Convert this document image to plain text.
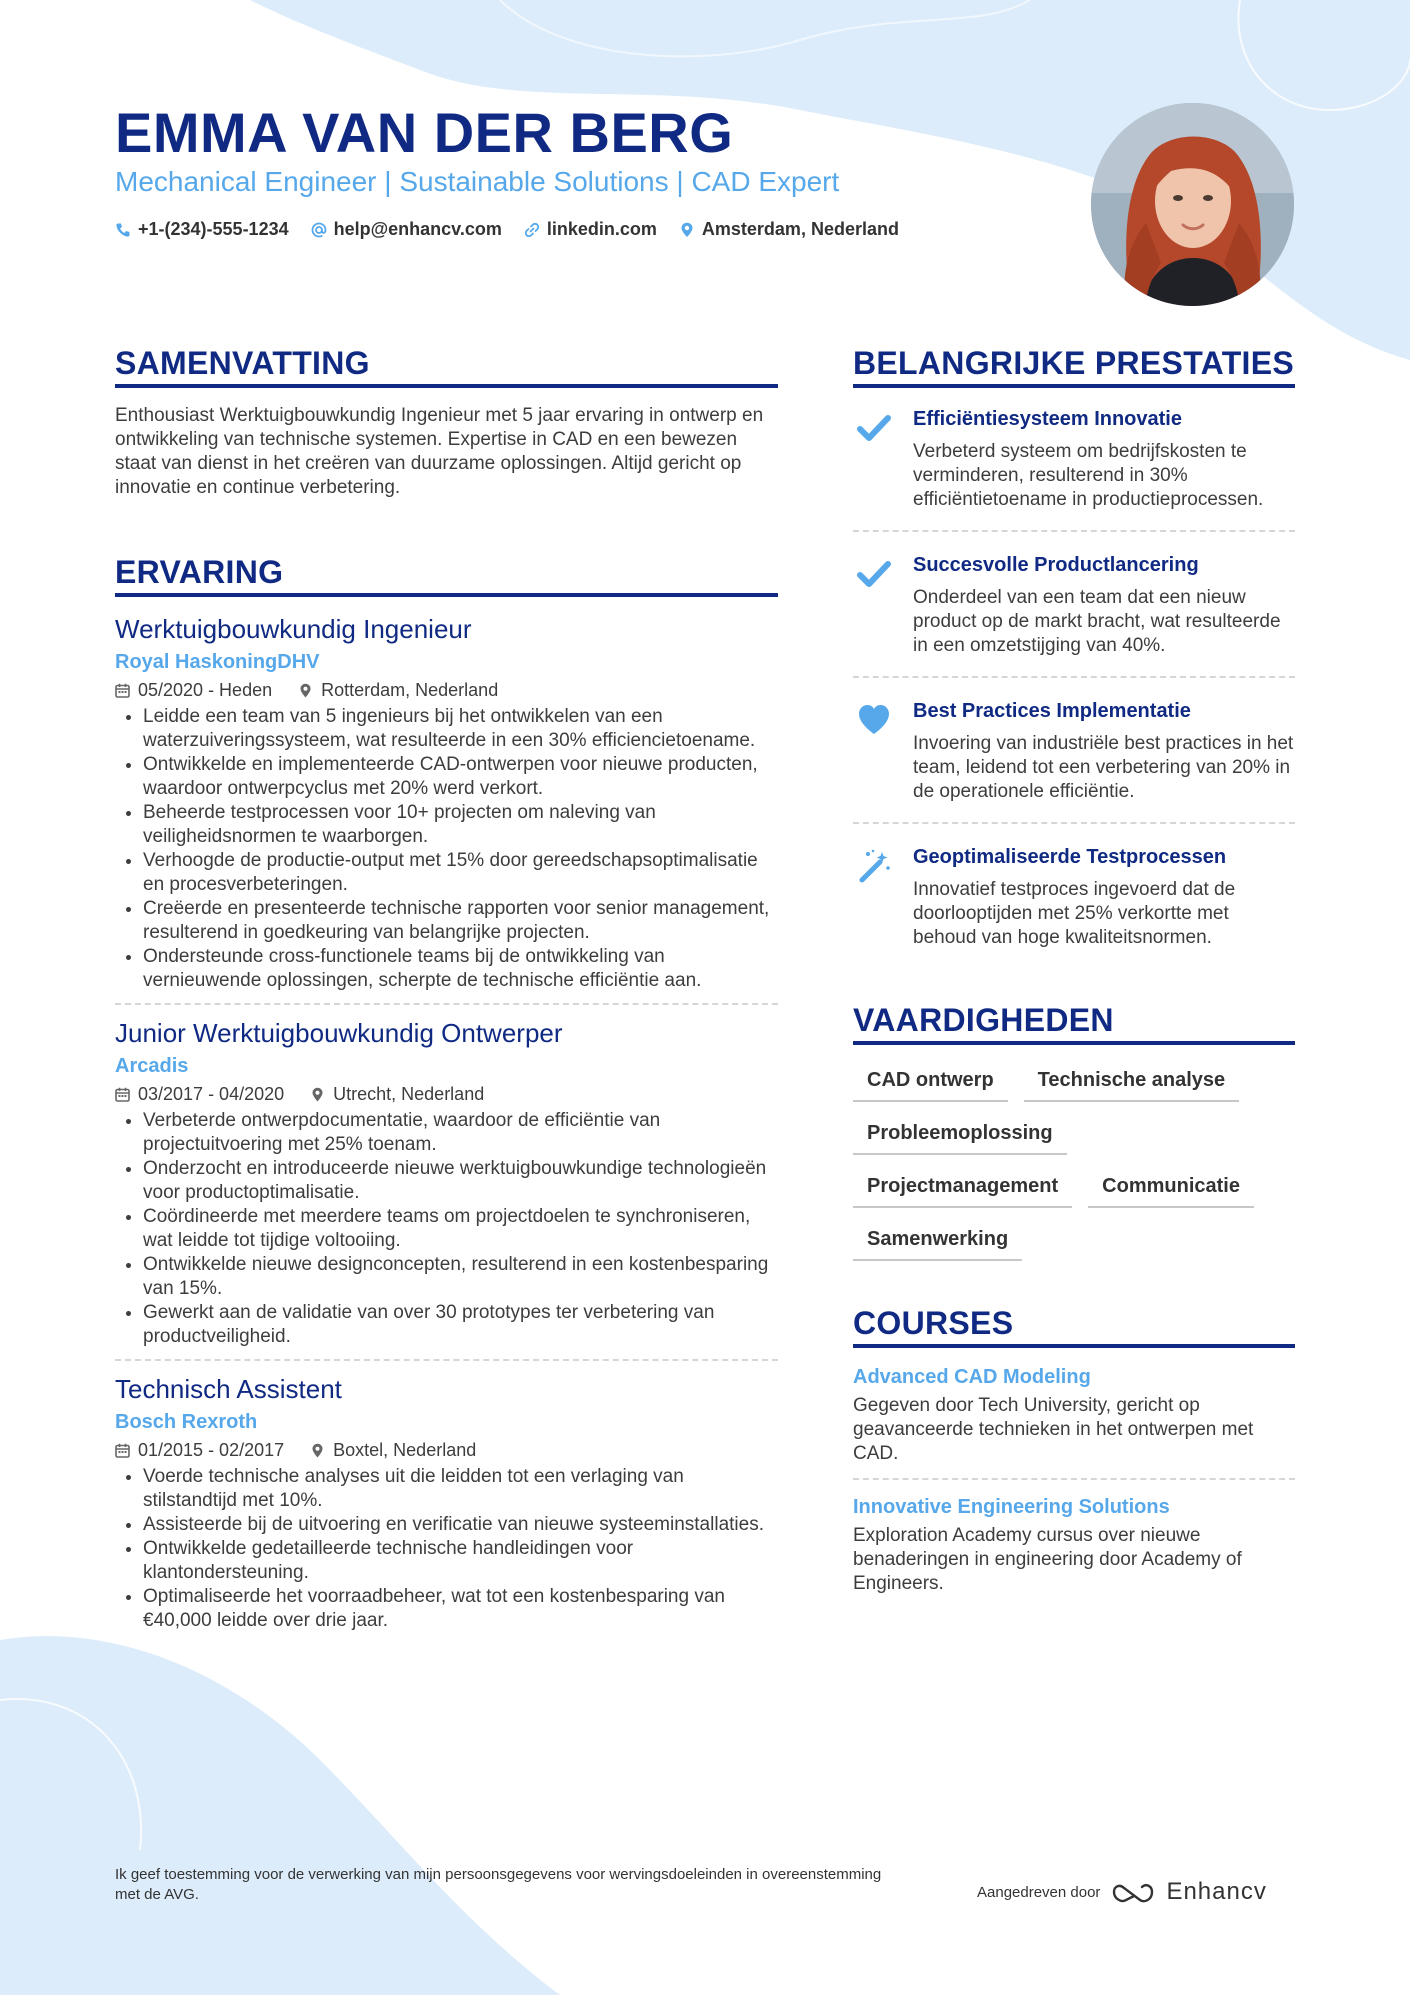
EMMA VAN DER BERG
Mechanical Engineer | Sustainable Solutions | CAD Expert
+1-(234)-555-1234	help@enhancv.com	linkedin.com	Amsterdam, Nederland
SAMENVATTING
Enthousiast Werktuigbouwkundig Ingenieur met 5 jaar ervaring in ontwerp en ontwikkeling van technische systemen. Expertise in CAD en een bewezen staat van dienst in het creëren van duurzame oplossingen. Altijd gericht op innovatie en continue verbetering.
ERVARING
Werktuigbouwkundig Ingenieur
Royal HaskoningDHV
05/2020 - Heden	Rotterdam, Nederland
• Leidde een team van 5 ingenieurs bij het ontwikkelen van een waterzuiveringssysteem, wat resulteerde in een 30% efficiencietoename.
• Ontwikkelde en implementeerde CAD-ontwerpen voor nieuwe producten, waardoor ontwerpcyclus met 20% werd verkort.
• Beheerde testprocessen voor 10+ projecten om naleving van veiligheidsnormen te waarborgen.
• Verhoogde de productie-output met 15% door gereedschapsoptimalisatie en procesverbeteringen.
• Creëerde en presenteerde technische rapporten voor senior management, resulterend in goedkeuring van belangrijke projecten.
• Ondersteunde cross-functionele teams bij de ontwikkeling van vernieuwende oplossingen, scherpte de technische efficiëntie aan.
Junior Werktuigbouwkundig Ontwerper
Arcadis
03/2017 - 04/2020	Utrecht, Nederland
• Verbeterde ontwerpdocumentatie, waardoor de efficiëntie van projectuitvoering met 25% toenam.
• Onderzocht en introduceerde nieuwe werktuigbouwkundige technologieën voor productoptimalisatie.
• Coördineerde met meerdere teams om projectdoelen te synchroniseren, wat leidde tot tijdige voltooiing.
• Ontwikkelde nieuwe designconcepten, resulterend in een kostenbesparing van 15%.
• Gewerkt aan de validatie van over 30 prototypes ter verbetering van productveiligheid.
Technisch Assistent
Bosch Rexroth
01/2015 - 02/2017	Boxtel, Nederland
• Voerde technische analyses uit die leidden tot een verlaging van stilstandtijd met 10%.
• Assisteerde bij de uitvoering en verificatie van nieuwe systeeminstallaties.
• Ontwikkelde gedetailleerde technische handleidingen voor klantondersteuning.
• Optimaliseerde het voorraadbeheer, wat tot een kostenbesparing van €40,000 leidde over drie jaar.
BELANGRIJKE PRESTATIES
Efficiëntiesysteem Innovatie
Verbeterd systeem om bedrijfskosten te verminderen, resulterend in 30% efficiëntietoename in productieprocessen.
Succesvolle Productlancering
Onderdeel van een team dat een nieuw product op de markt bracht, wat resulteerde in een omzetstijging van 40%.
Best Practices Implementatie
Invoering van industriële best practices in het team, leidend tot een verbetering van 20% in de operationele efficiëntie.
Geoptimaliseerde Testprocessen
Innovatief testproces ingevoerd dat de doorlooptijden met 25% verkortte met behoud van hoge kwaliteitsnormen.
VAARDIGHEDEN
CAD ontwerp	Technische analyse
Probleemoplossing
Projectmanagement	Communicatie
Samenwerking
COURSES
Advanced CAD Modeling
Gegeven door Tech University, gericht op geavanceerde technieken in het ontwerpen met CAD.
Innovative Engineering Solutions
Exploration Academy cursus over nieuwe benaderingen in engineering door Academy of Engineers.
Ik geef toestemming voor de verwerking van mijn persoonsgegevens voor wervingsdoeleinden in overeenstemming met de AVG.	Aangedreven door	Enhancv
